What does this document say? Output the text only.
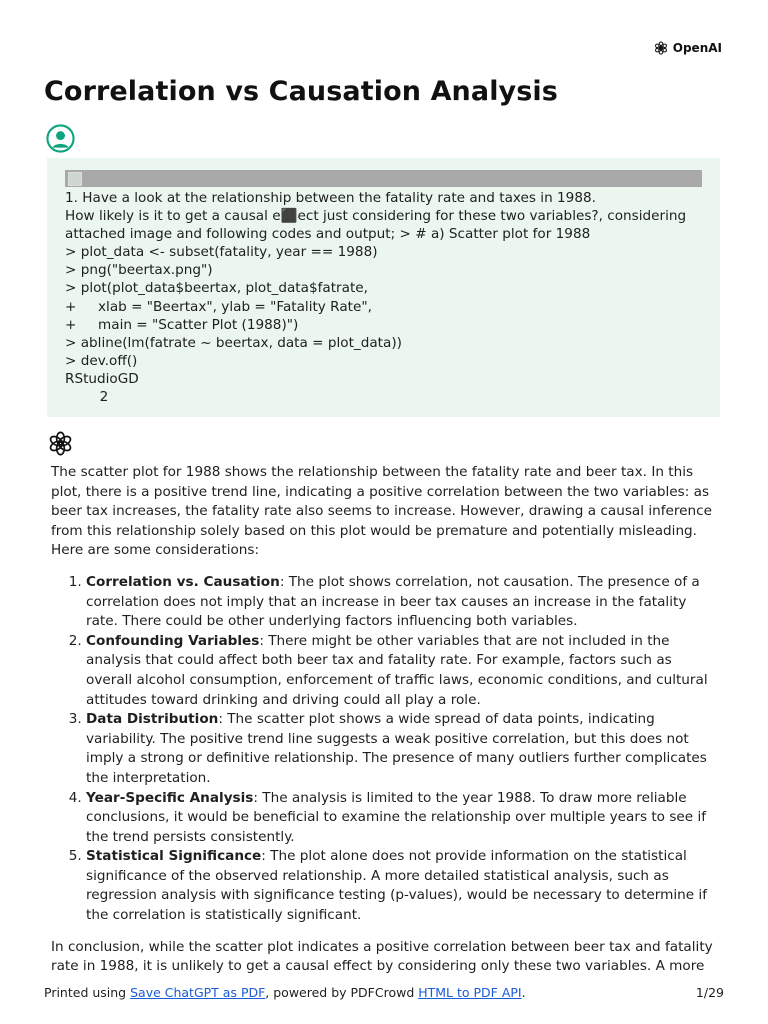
OpenAI
Correlation vs Causation Analysis
1. Have a look at the relationship between the fatality rate and taxes in 1988.
How likely is it to get a causal e⬛ect just considering for these two variables?, considering
attached image and following codes and output; > # a) Scatter plot for 1988
> plot_data <- subset(fatality, year == 1988)
> png("beertax.png")
> plot(plot_data$beertax, plot_data$fatrate,
+     xlab = "Beertax", ylab = "Fatality Rate",
+     main = "Scatter Plot (1988)")
> abline(lm(fatrate ~ beertax, data = plot_data))
> dev.off()
RStudioGD
2

The scatter plot for 1988 shows the relationship between the fatality rate and beer tax. In this plot, there is a positive trend line, indicating a positive correlation between the two variables: as beer tax increases, the fatality rate also seems to increase. However, drawing a causal inference from this relationship solely based on this plot would be premature and potentially misleading. Here are some considerations:

1. Correlation vs. Causation: The plot shows correlation, not causation. The presence of a correlation does not imply that an increase in beer tax causes an increase in the fatality rate. There could be other underlying factors influencing both variables.
2. Confounding Variables: There might be other variables that are not included in the analysis that could affect both beer tax and fatality rate. For example, factors such as overall alcohol consumption, enforcement of traffic laws, economic conditions, and cultural attitudes toward drinking and driving could all play a role.
3. Data Distribution: The scatter plot shows a wide spread of data points, indicating variability. The positive trend line suggests a weak positive correlation, but this does not imply a strong or definitive relationship. The presence of many outliers further complicates the interpretation.
4. Year-Specific Analysis: The analysis is limited to the year 1988. To draw more reliable conclusions, it would be beneficial to examine the relationship over multiple years to see if the trend persists consistently.
5. Statistical Significance: The plot alone does not provide information on the statistical significance of the observed relationship. A more detailed statistical analysis, such as regression analysis with significance testing (p-values), would be necessary to determine if the correlation is statistically significant.

In conclusion, while the scatter plot indicates a positive correlation between beer tax and fatality rate in 1988, it is unlikely to get a causal effect by considering only these two variables. A more

Printed using Save ChatGPT as PDF, powered by PDFCrowd HTML to PDF API.	1/29
